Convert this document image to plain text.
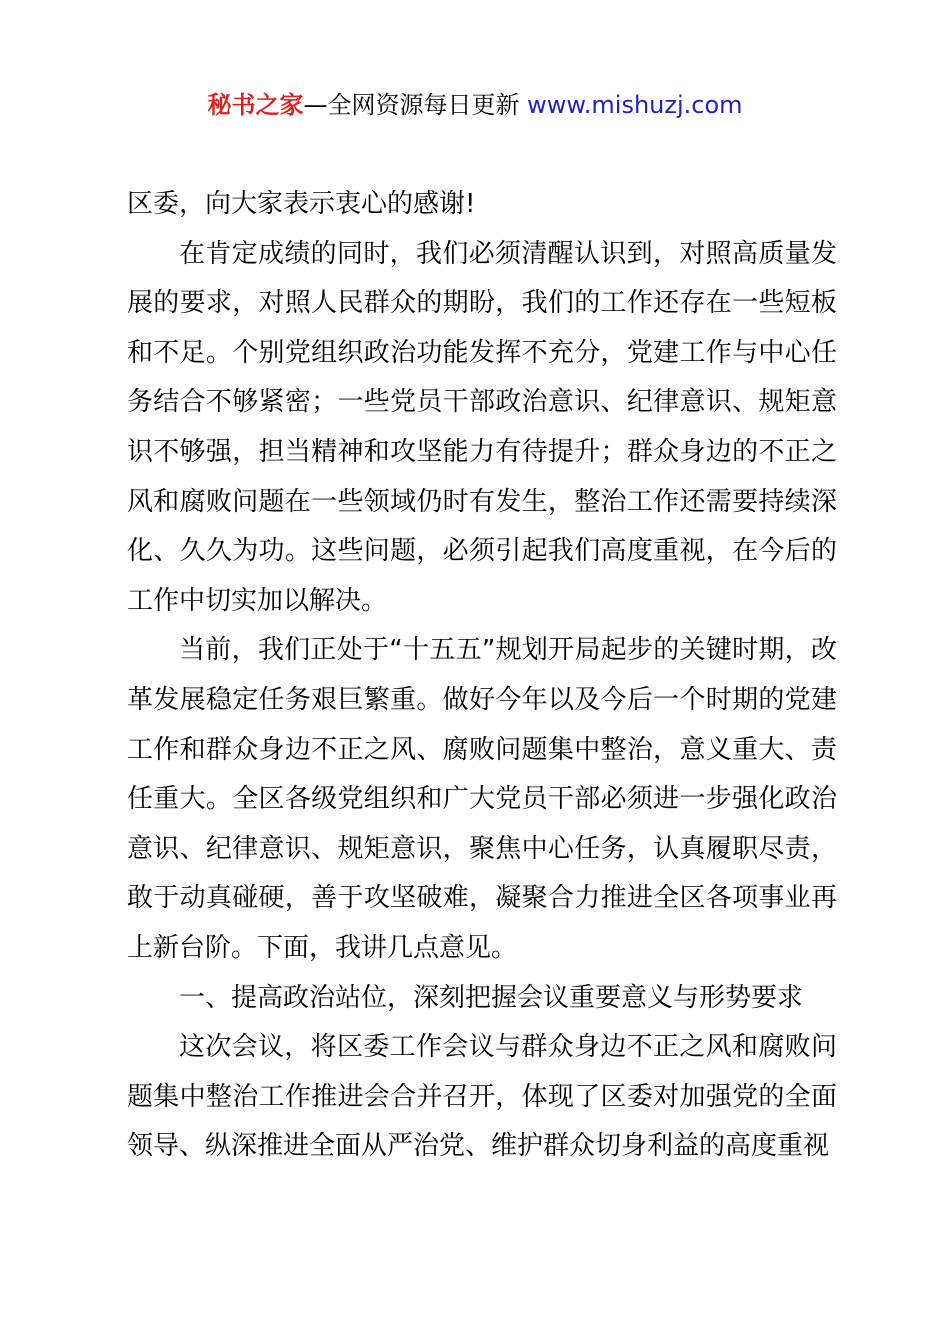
秘书之家—全网资源每日更新 www.mishuzj.com

区委，向大家表示衷心的感谢!

在肯定成绩的同时，我们必须清醒认识到，对照高质量发展的要求，对照人民群众的期盼，我们的工作还存在一些短板和不足。个别党组织政治功能发挥不充分，党建工作与中心任务结合不够紧密；一些党员干部政治意识、纪律意识、规矩意识不够强，担当精神和攻坚能力有待提升；群众身边的不正之风和腐败问题在一些领域仍时有发生，整治工作还需要持续深化、久久为功。这些问题，必须引起我们高度重视，在今后的工作中切实加以解决。

当前，我们正处于“十五五”规划开局起步的关键时期，改革发展稳定任务艰巨繁重。做好今年以及今后一个时期的党建工作和群众身边不正之风、腐败问题集中整治，意义重大、责任重大。全区各级党组织和广大党员干部必须进一步强化政治意识、纪律意识、规矩意识，聚焦中心任务，认真履职尽责，敢于动真碰硬，善于攻坚破难，凝聚合力推进全区各项事业再上新台阶。下面，我讲几点意见。

一、提高政治站位，深刻把握会议重要意义与形势要求

这次会议，将区委工作会议与群众身边不正之风和腐败问题集中整治工作推进会合并召开，体现了区委对加强党的全面领导、纵深推进全面从严治党、维护群众切身利益的高度重视
